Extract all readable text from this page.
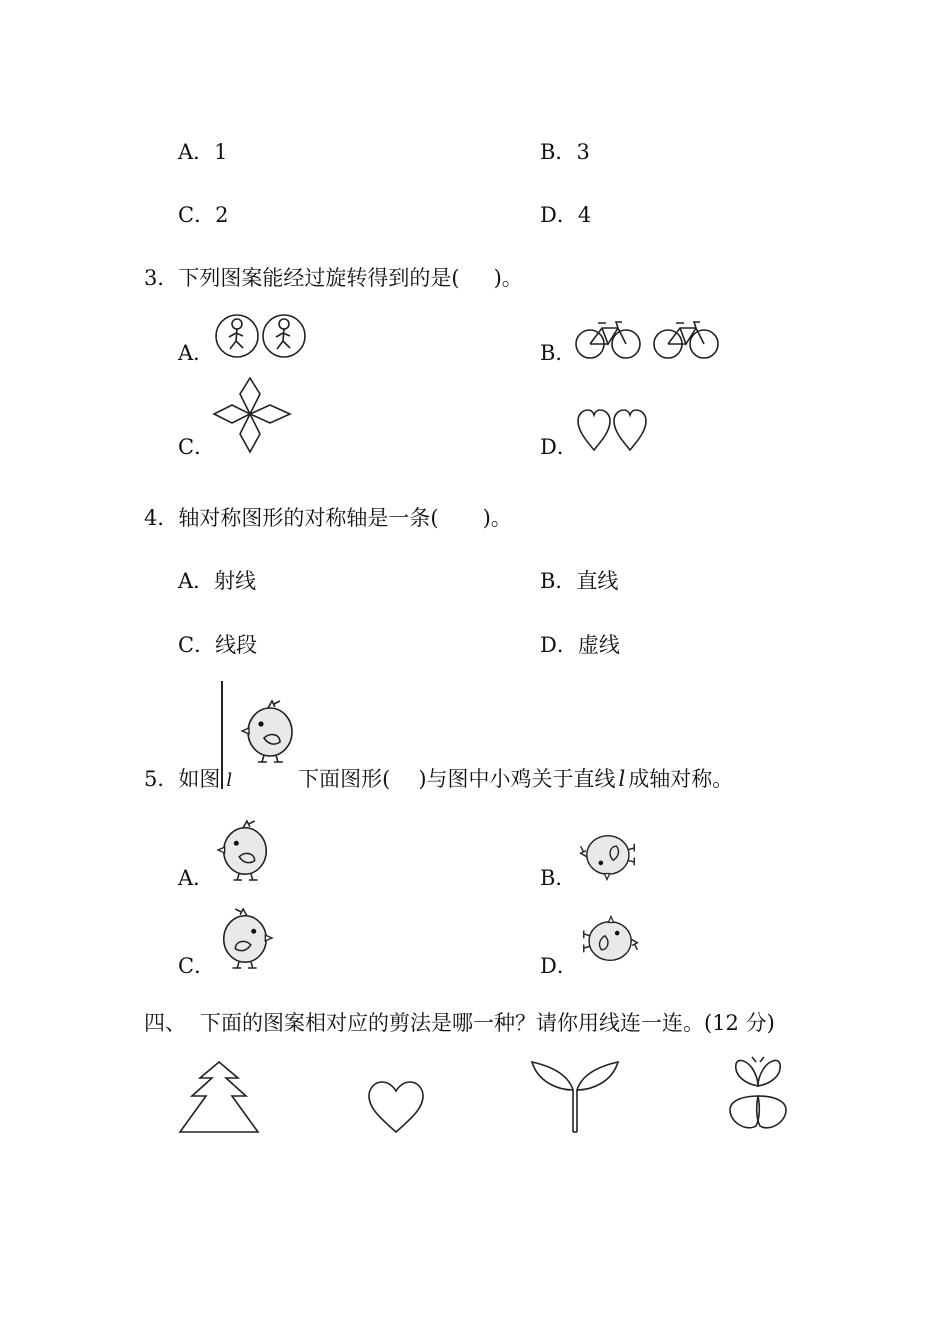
A．1	B．3
C．2	D．4
3．下列图案能经过旋转得到的是( )。
A．	B．
C．	D．
4．轴对称图形的对称轴是一条( )。
A．射线	B．直线
C．线段	D．虚线
5．如图 l	下面图形( )与图中小鸡关于直线 l 成轴对称。
A．	B．
C．	D．
四、 下面的图案相对应的剪法是哪一种？请你用线连一连。(12 分)
